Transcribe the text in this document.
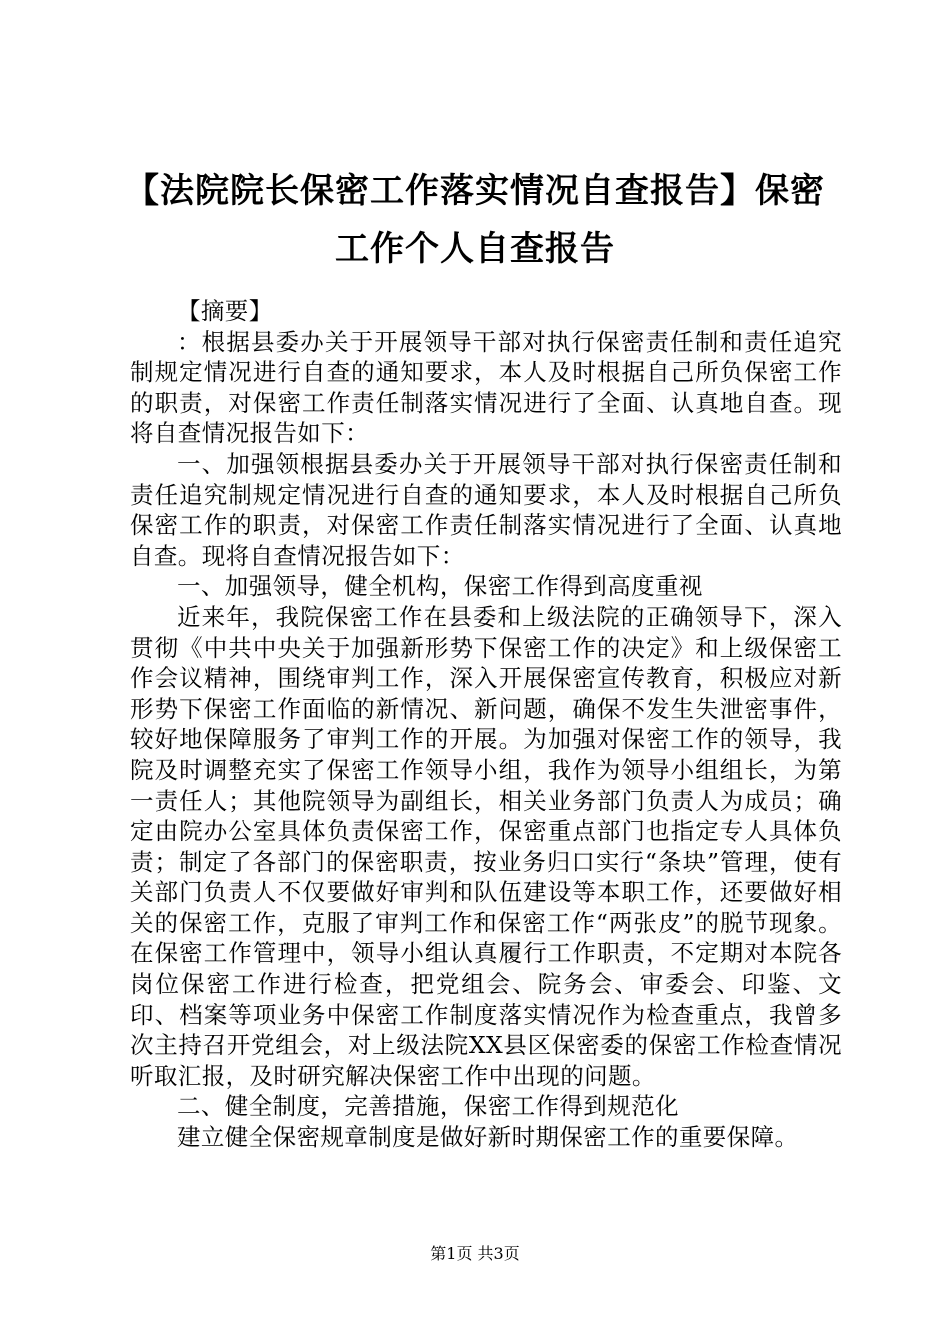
【法院院长保密工作落实情况自查报告】保密工作个人自查报告

【摘要】

：根据县委办关于开展领导干部对执行保密责任制和责任追究制规定情况进行自查的通知要求，本人及时根据自己所负保密工作的职责，对保密工作责任制落实情况进行了全面、认真地自查。现将自查情况报告如下：

一、加强领根据县委办关于开展领导干部对执行保密责任制和责任追究制规定情况进行自查的通知要求，本人及时根据自己所负保密工作的职责，对保密工作责任制落实情况进行了全面、认真地自查。现将自查情况报告如下：

一、加强领导，健全机构，保密工作得到高度重视

近来年，我院保密工作在县委和上级法院的正确领导下，深入贯彻《中共中央关于加强新形势下保密工作的决定》和上级保密工作会议精神，围绕审判工作，深入开展保密宣传教育，积极应对新形势下保密工作面临的新情况、新问题，确保不发生失泄密事件，较好地保障服务了审判工作的开展。为加强对保密工作的领导，我院及时调整充实了保密工作领导小组，我作为领导小组组长，为第一责任人；其他院领导为副组长，相关业务部门负责人为成员；确定由院办公室具体负责保密工作，保密重点部门也指定专人具体负责；制定了各部门的保密职责，按业务归口实行“条块”管理，使有关部门负责人不仅要做好审判和队伍建设等本职工作，还要做好相关的保密工作，克服了审判工作和保密工作“两张皮”的脱节现象。在保密工作管理中，领导小组认真履行工作职责，不定期对本院各岗位保密工作进行检查，把党组会、院务会、审委会、印鉴、文印、档案等项业务中保密工作制度落实情况作为检查重点，我曾多次主持召开党组会，对上级法院XX县区保密委的保密工作检查情况听取汇报，及时研究解决保密工作中出现的问题。

二、健全制度，完善措施，保密工作得到规范化

建立健全保密规章制度是做好新时期保密工作的重要保障。

第1页 共3页
